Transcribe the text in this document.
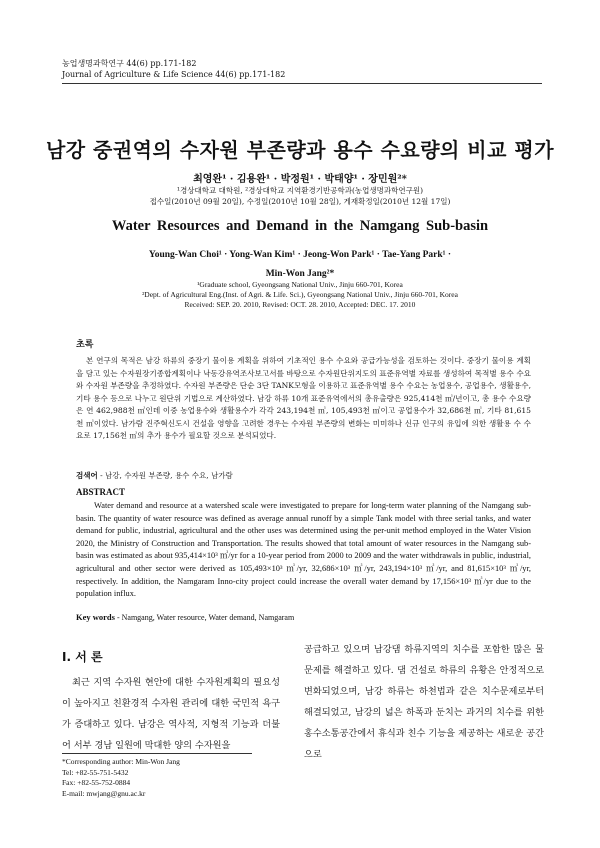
농업생명과학연구 44(6) pp.171-182
Journal of Agriculture & Life Science 44(6) pp.171-182
남강 중권역의 수자원 부존량과 용수 수요량의 비교 평가
최영완¹ · 김용완¹ · 박정원¹ · 박태양¹ · 장민원²*
¹경상대학교 대학원, ²경상대학교 지역환경기반공학과(농업생명과학연구원)
접수일(2010년 09월 20일), 수정일(2010년 10월 28일), 게재확정일(2010년 12월 17일)
Water Resources and Demand in the Namgang Sub-basin
Young-Wan Choi¹ · Yong-Wan Kim¹ · Jeong-Won Park¹ · Tae-Yang Park¹ ·
Min-Won Jang²*
¹Graduate school, Gyeongsang National Univ., Jinju 660-701, Korea
²Dept. of Agricultural Eng.(Inst. of Agri. & Life. Sci.), Gyeongsang National Univ., Jinju 660-701, Korea
Received: SEP. 20. 2010, Revised: OCT. 28. 2010, Accepted: DEC. 17. 2010
초록
본 연구의 목적은 남강 하류의 중장기 물이용 계획을 위하여 기초적인 용수 수요와 공급가능성을 검토하는 것이다. 중장기 물이용 계획을 담고 있는 수자원장기종합계획이나 낙동강유역조사보고서를 바탕으로 수자원단위지도의 표준유역별 자료를 생성하여 목적별 용수 수요와 수자원 부존량을 추정하였다. 수자원 부존량은 단순 3단 TANK모형을 이용하고 표준유역별 용수 수요는 농업용수, 공업용수, 생활용수, 기타 용수 등으로 나누고 원단위 기법으로 계산하였다. 남강 하류 10개 표준유역에서의 총유출량은 925,414천 ㎥/년이고, 총 용수 수요량은 연 462,988천 ㎥인데 이중 농업용수와 생활용수가 각각 243,194천 ㎥, 105,493천 ㎥이고 공업용수가 32,686천 ㎥, 기타 81,615천 ㎥이었다. 남가람 진주혁신도시 건설을 영향을 고려한 경우는 수자원 부존량의 변화는 미미하나 신규 인구의 유입에 의한 생활용 수 수요로 17,156천 ㎥의 추가 용수가 필요할 것으로 분석되었다.
검색어 - 남강, 수자원 부존량, 용수 수요, 남가람
ABSTRACT
Water demand and resource at a watershed scale were investigated to prepare for long-term water planning of the Namgang sub-basin. The quantity of water resource was defined as average annual runoff by a simple Tank model with three serial tanks, and water demand for public, industrial, agricultural and the other uses was determined using the per-unit method employed in the Water Vision 2020, the Ministry of Construction and Transportation. The results showed that total amount of water resources in the Namgang sub-basin was estimated as about 935,414×10³ ㎥/yr for a 10-year period from 2000 to 2009 and the water withdrawals in public, industrial, agricultural and other sector were derived as 105,493×10³ ㎥/yr, 32,686×10³ ㎥/yr, 243,194×10³ ㎥/yr, and 81,615×10³ ㎥/yr, respectively. In addition, the Namgaram Inno-city project could increase the overall water demand by 17,156×10³ ㎥/yr due to the population influx.
Key words - Namgang, Water resource, Water demand, Namgaram
Ⅰ. 서 론
최근 지역 수자원 현안에 대한 수자원계획의 필요성이 높아지고 친환경적 수자원 관리에 대한 국민적 욕구가 증대하고 있다. 남강은 역사적, 지형적 기능과 더불어 서부 경남 일원에 막대한 양의 수자원을
공급하고 있으며 남강댐 하류지역의 치수를 포함한 많은 물 문제를 해결하고 있다. 댐 건설로 하류의 유황은 안정적으로 변화되었으며, 남강 하류는 하천법과 같은 치수문제로부터 해결되었고, 남강의 넓은 하폭과 둔치는 과거의 치수를 위한 홍수소통공간에서 휴식과 친수 기능을 제공하는 새로운 공간으로
*Corresponding author: Min-Won Jang
Tel: +82-55-751-5432
Fax: +82-55-752-0884
E-mail: mwjang@gnu.ac.kr
